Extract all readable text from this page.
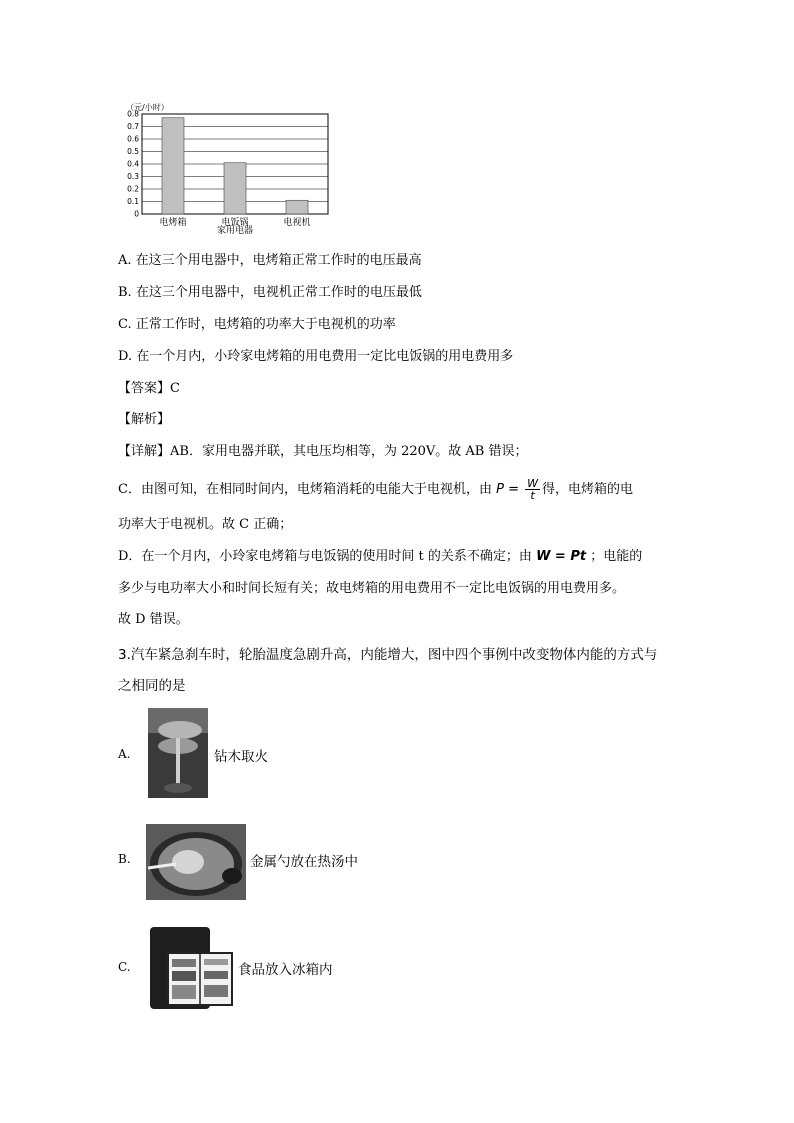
（元/小时）
0
0.1
0.2
0.3
0.4
0.5
0.6
0.7
0.8
电烤箱	电饭锅	电视机
家用电器
A. 在这三个用电器中，电烤箱正常工作时的电压最高
B. 在这三个用电器中，电视机正常工作时的电压最低
C. 正常工作时，电烤箱的功率大于电视机的功率
D. 在一个月内，小玲家电烤箱的用电费用一定比电饭锅的用电费用多
【答案】C
【解析】
【详解】AB．家用电器并联，其电压均相等，为 220V。故 AB 错误；
C．由图可知，在相同时间内，电烤箱消耗的电能大于电视机，由 $P = \frac{W}{t}$ 得，电烤箱的电
功率大于电视机。故 C 正确；
D．在一个月内，小玲家电烤箱与电饭锅的使用时间 t 的关系不确定；由 W = Pt ；电能的
多少与电功率大小和时间长短有关；故电烤箱的用电费用不一定比电饭锅的用电费用多。
故 D 错误。
3.汽车紧急刹车时，轮胎温度急剧升高，内能增大，图中四个事例中改变物体内能的方式与
之相同的是
A.	钻木取火
B.	金属勺放在热汤中
C.	食品放入冰箱内
